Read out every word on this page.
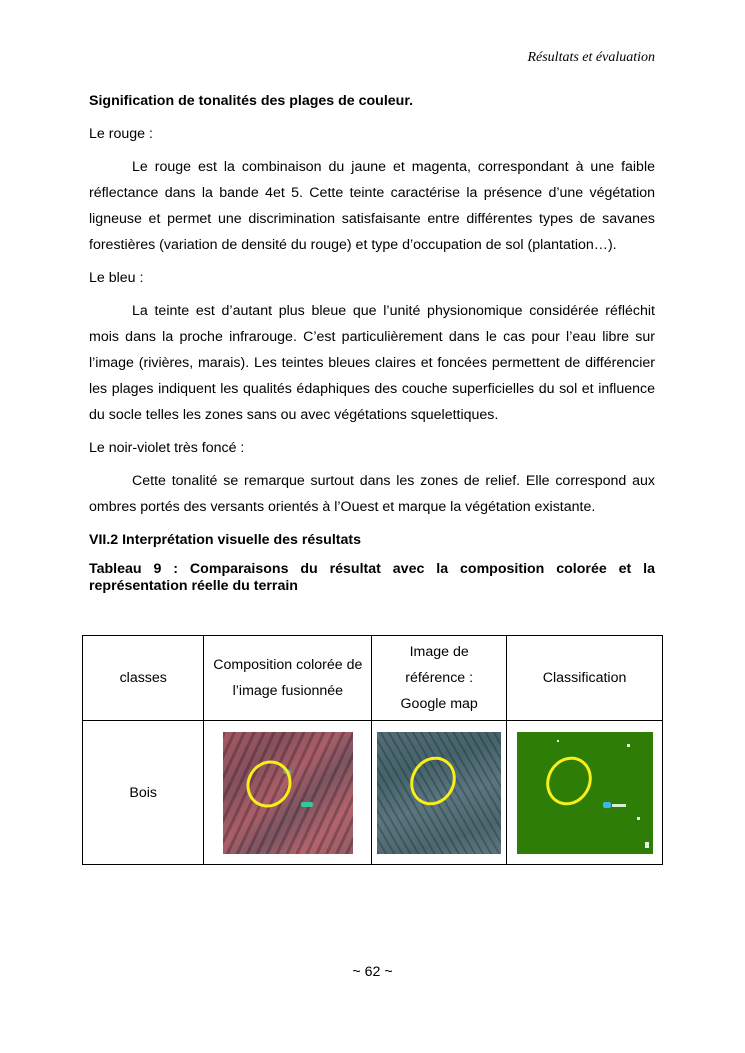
Résultats et évaluation

Signification de tonalités des plages de couleur.

Le rouge :

Le rouge est la combinaison du jaune et magenta, correspondant à une faible réflectance dans la bande 4et 5. Cette teinte caractérise la présence d’une végétation ligneuse et permet une discrimination satisfaisante entre différentes types de savanes forestières (variation de densité du rouge) et type d’occupation de sol (plantation…).

Le bleu :

La teinte est d’autant plus bleue que l’unité physionomique considérée réfléchit mois dans la proche infrarouge. C’est particulièrement dans le cas pour l’eau libre sur l’image (rivières, marais). Les teintes bleues claires et foncées permettent de différencier les plages indiquent les qualités édaphiques des couche superficielles du sol et influence du socle telles les zones sans ou avec végétations squelettiques.

Le noir-violet très foncé :

Cette tonalité se remarque surtout dans les zones de relief. Elle correspond aux ombres portés des versants orientés à l’Ouest et marque la végétation existante.

VII.2 Interprétation visuelle des résultats

Tableau 9 : Comparaisons du résultat avec la composition colorée et la représentation réelle du terrain

classes	Composition colorée de l’image fusionnée	Image de référence : Google map	Classification
Bois	

~ 62 ~
